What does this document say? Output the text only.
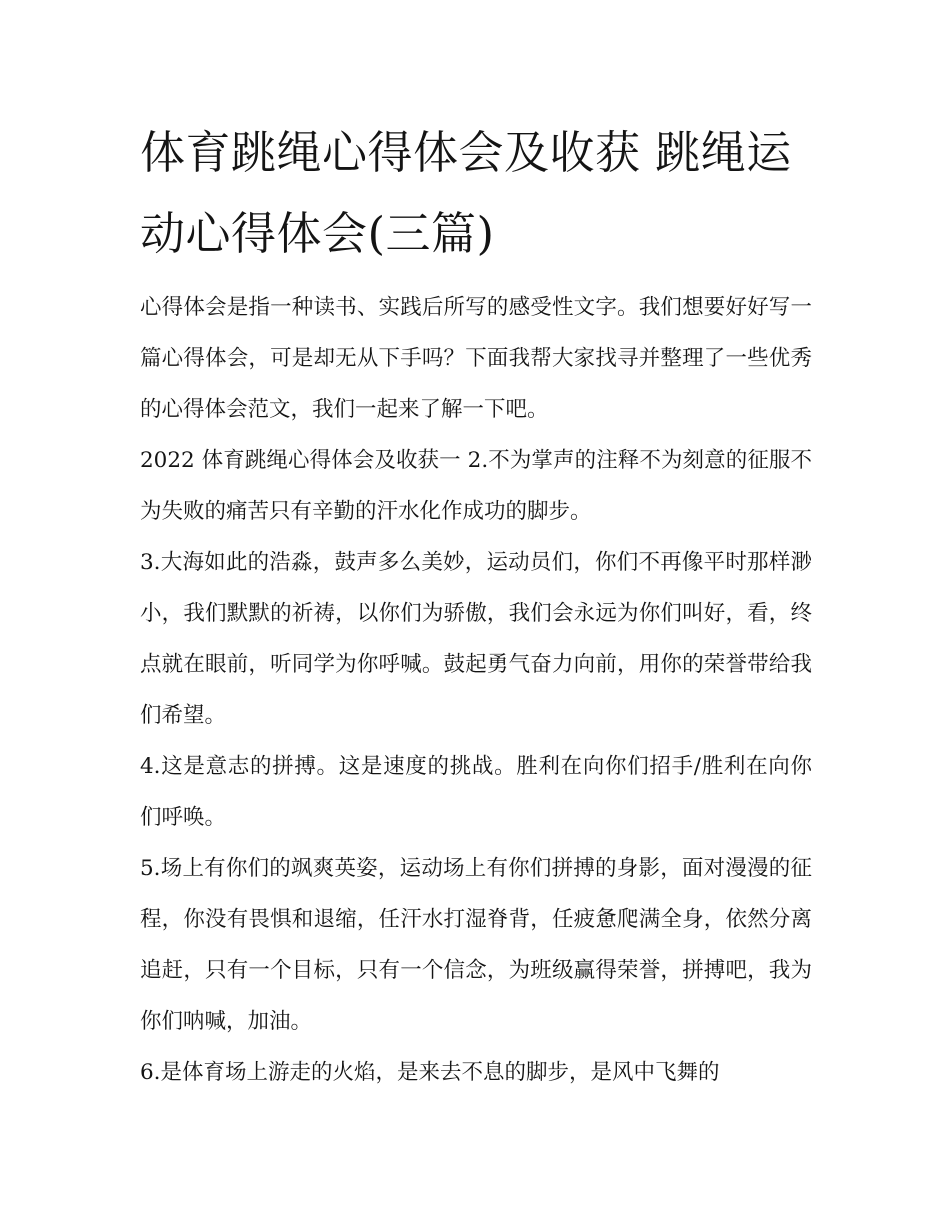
体育跳绳心得体会及收获 跳绳运动心得体会(三篇)

心得体会是指一种读书、实践后所写的感受性文字。我们想要好好写一篇心得体会，可是却无从下手吗？下面我帮大家找寻并整理了一些优秀的心得体会范文，我们一起来了解一下吧。

2022 体育跳绳心得体会及收获一 2.不为掌声的注释不为刻意的征服不为失败的痛苦只有辛勤的汗水化作成功的脚步。

3.大海如此的浩淼，鼓声多么美妙，运动员们，你们不再像平时那样渺小，我们默默的祈祷，以你们为骄傲，我们会永远为你们叫好，看，终点就在眼前，听同学为你呼喊。鼓起勇气奋力向前，用你的荣誉带给我们希望。

4.这是意志的拼搏。这是速度的挑战。胜利在向你们招手/胜利在向你们呼唤。

5.场上有你们的飒爽英姿，运动场上有你们拼搏的身影，面对漫漫的征程，你没有畏惧和退缩，任汗水打湿脊背，任疲惫爬满全身，依然分离追赶，只有一个目标，只有一个信念，为班级赢得荣誉，拼搏吧，我为你们呐喊，加油。

6.是体育场上游走的火焰，是来去不息的脚步，是风中飞舞的
